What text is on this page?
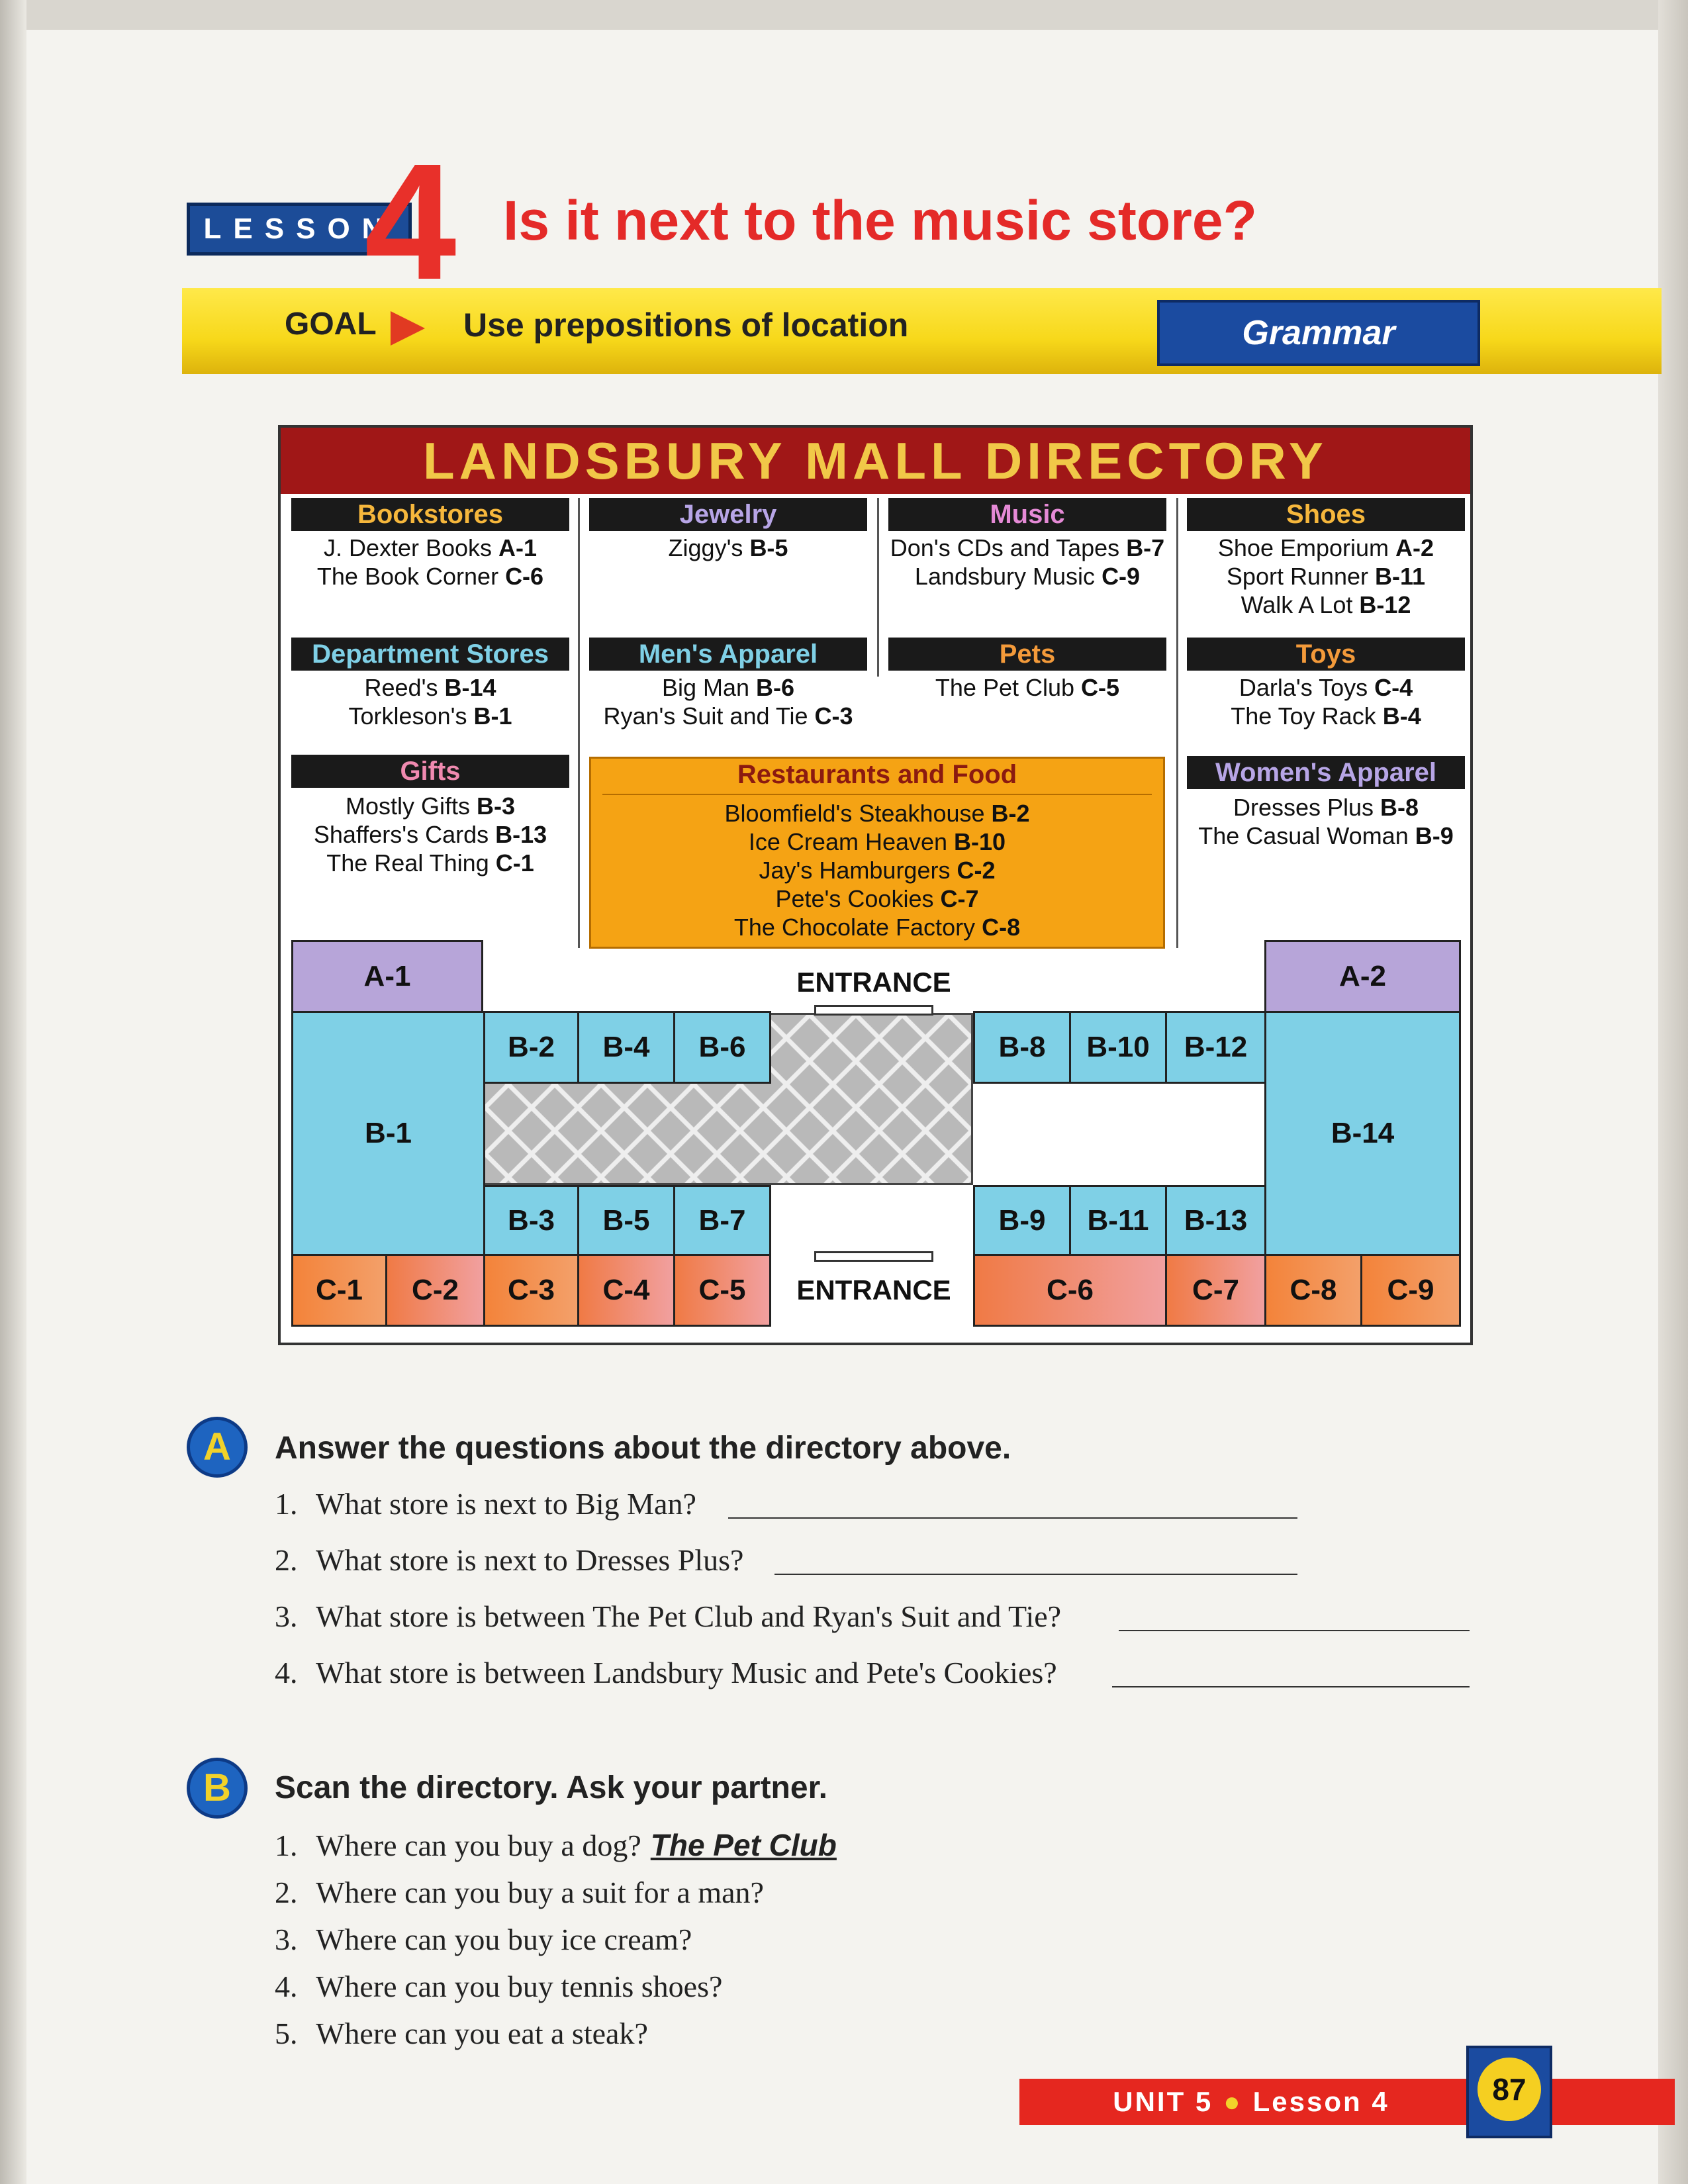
LESSON
4 Is it next to the music store?
GOAL	Use prepositions of location	Grammar
LANDSBURY MALL DIRECTORY
Bookstores
J. Dexter Books A-1
The Book Corner C-6
Jewelry
Ziggy's B-5
Music
Don's CDs and Tapes B-7
Landsbury Music C-9
Shoes
Shoe Emporium A-2
Sport Runner B-11
Walk A Lot B-12
Department Stores
Reed's B-14
Torkleson's B-1
Men's Apparel
Big Man B-6
Ryan's Suit and Tie C-3
Pets
The Pet Club C-5
Toys
Darla's Toys C-4
The Toy Rack B-4
Gifts
Mostly Gifts B-3
Shaffers's Cards B-13
The Real Thing C-1
Restaurants and Food
Bloomfield's Steakhouse B-2
Ice Cream Heaven B-10
Jay's Hamburgers C-2
Pete's Cookies C-7
The Chocolate Factory C-8
Women's Apparel
Dresses Plus B-8
The Casual Woman B-9
A-1	A-2
B-1
B-2	B-4	B-6	B-8	B-10	B-12
B-14
B-3	B-5	B-7	B-9	B-11	B-13
C-1	C-2	C-3	C-4	C-5	C-6	C-7	C-8	C-9
ENTRANCE
ENTRANCE
A	Answer the questions about the directory above.
1. What store is next to Big Man?
2. What store is next to Dresses Plus?
3. What store is between The Pet Club and Ryan's Suit and Tie?
4. What store is between Landsbury Music and Pete's Cookies?
B	Scan the directory. Ask your partner.
1. Where can you buy a dog? The Pet Club
2. Where can you buy a suit for a man?
3. Where can you buy ice cream?
4. Where can you buy tennis shoes?
5. Where can you eat a steak?
UNIT 5 ● Lesson 4	87
